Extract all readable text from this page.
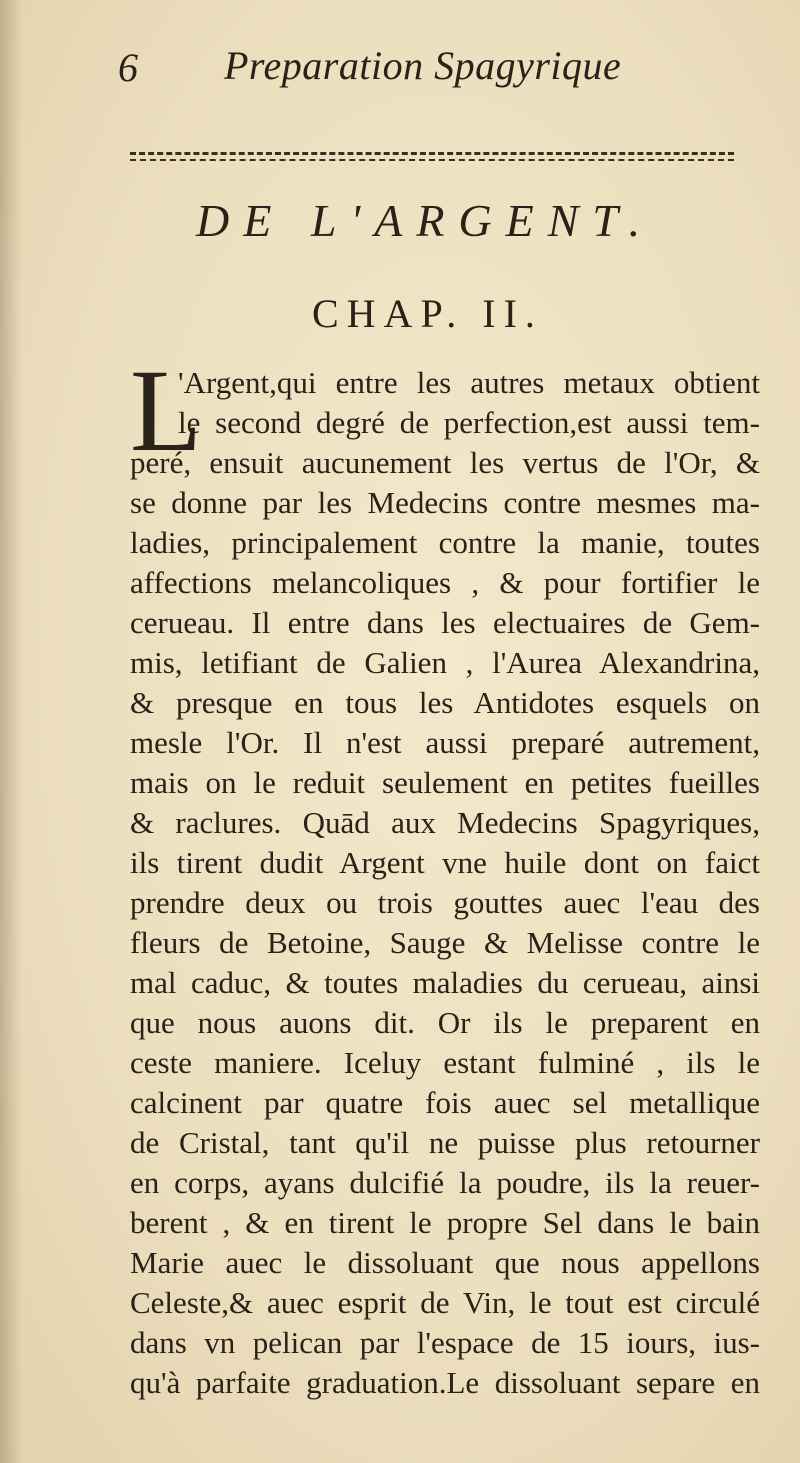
6 Preparation Spagyrique
DE L'ARGENT.
CHAP. II.
L
'Argent,qui entre les autres metaux obtient
le second degré de perfection,est aussi tem-
peré, ensuit aucunement les vertus de l'Or, &
se donne par les Medecins contre mesmes ma-
ladies, principalement contre la manie, toutes
affections melancoliques , & pour fortifier le
cerueau. Il entre dans les electuaires de Gem-
mis, letifiant de Galien , l'Aurea Alexandrina,
& presque en tous les Antidotes esquels on
mesle l'Or. Il n'est aussi preparé autrement,
mais on le reduit seulement en petites fueilles
& raclures. Quād aux Medecins Spagyriques,
ils tirent dudit Argent vne huile dont on faict
prendre deux ou trois gouttes auec l'eau des
fleurs de Betoine, Sauge & Melisse contre le
mal caduc, & toutes maladies du cerueau, ainsi
que nous auons dit. Or ils le preparent en
ceste maniere. Iceluy estant fulminé , ils le
calcinent par quatre fois auec sel metallique
de Cristal, tant qu'il ne puisse plus retourner
en corps, ayans dulcifié la poudre, ils la reuer-
berent , & en tirent le propre Sel dans le bain
Marie auec le dissoluant que nous appellons
Celeste,& auec esprit de Vin, le tout est circulé
dans vn pelican par l'espace de 15 iours, ius-
qu'à parfaite graduation.Le dissoluant separe en
